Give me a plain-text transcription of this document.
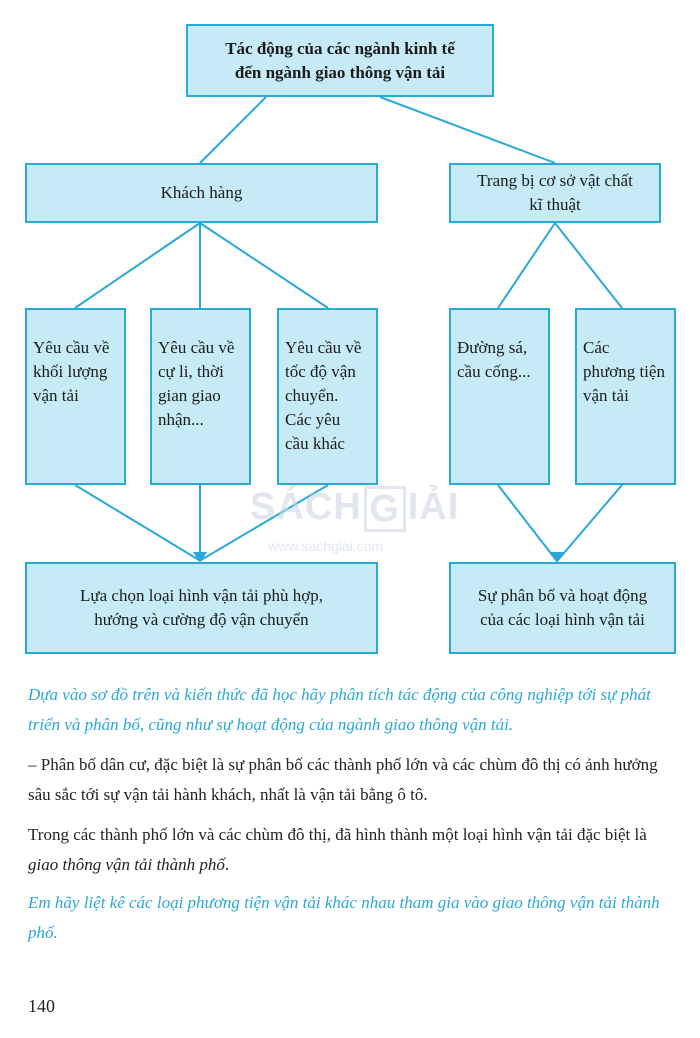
Tác động của các ngành kinh tế
đến ngành giao thông vận tải
Khách hàng
Trang bị cơ sở vật chất
kĩ thuật
Yêu cầu về
khối lượng
vận tải
Yêu cầu về
cự li, thời
gian giao
nhận...
Yêu cầu về
tốc độ vận
chuyển.
Các yêu
cầu khác
Đường sá,
cầu cống...
Các
phương tiện
vận tải
Lựa chọn loại hình vận tải phù hợp,
hướng và cường độ vận chuyển
Sự phân bố và hoạt động
của các loại hình vận tải
SÁCH G IẢI
www.sachgiai.com
Dựa vào sơ đồ trên và kiến thức đã học hãy phân tích tác động của công nghiệp tới sự phát triển và phân bố, cũng như sự hoạt động của ngành giao thông vận tải.
– Phân bố dân cư, đặc biệt là sự phân bố các thành phố lớn và các chùm đô thị có ảnh hưởng sâu sắc tới sự vận tải hành khách, nhất là vận tải bằng ô tô.
Trong các thành phố lớn và các chùm đô thị, đã hình thành một loại hình vận tải đặc biệt là giao thông vận tải thành phố.
Em hãy liệt kê các loại phương tiện vận tải khác nhau tham gia vào giao thông vận tải thành phố.
140
